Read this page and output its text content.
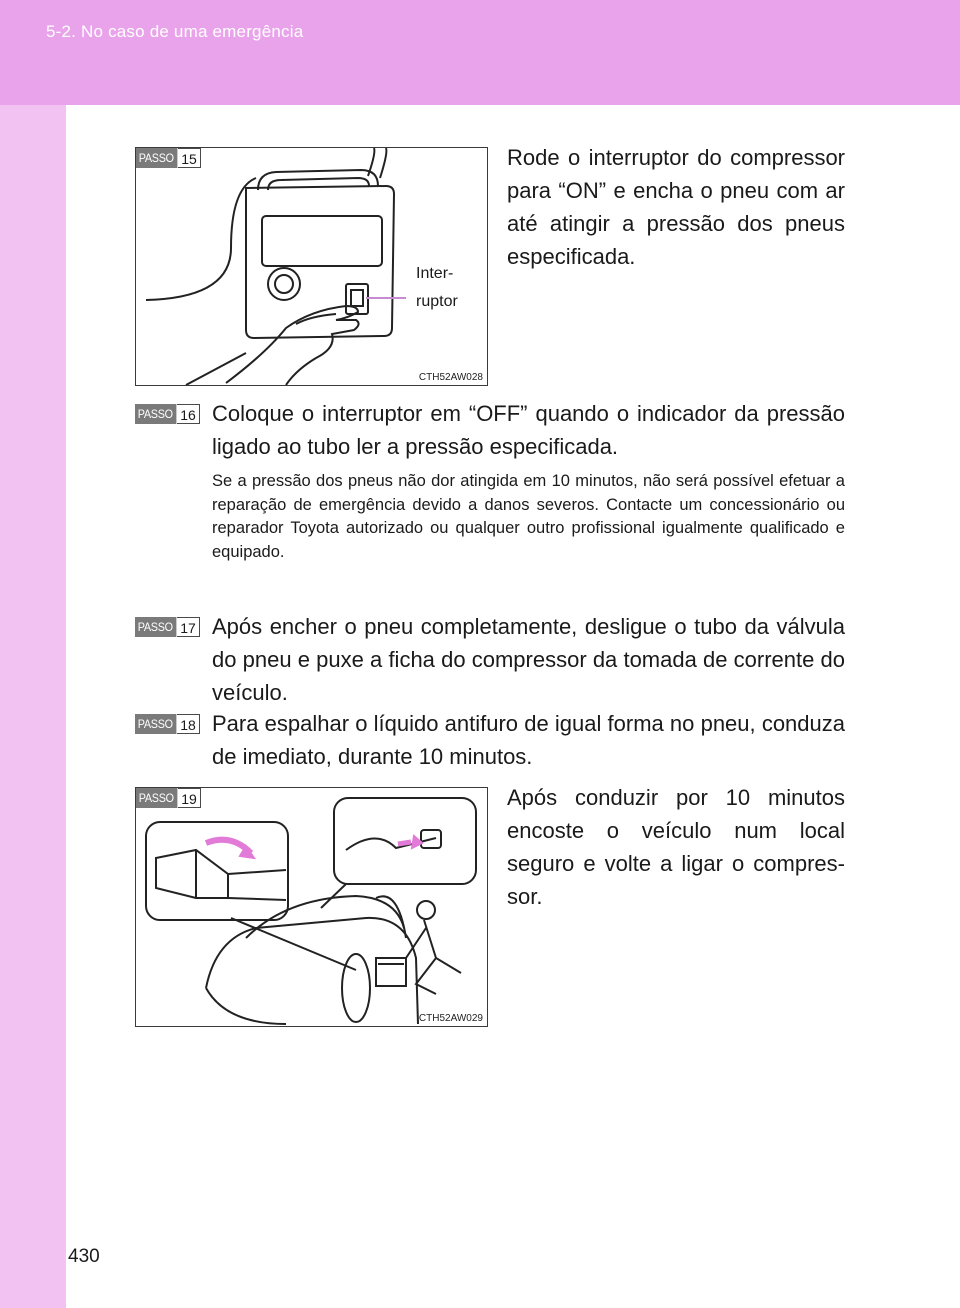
5-2. No caso de uma emergência
PASSO 15
Inter-
ruptor
CTH52AW028
Rode o interruptor do compressor para “ON” e encha o pneu com ar até atingir a pressão dos pneus especificada.
PASSO 16 Coloque o interruptor em “OFF” quando o indicador da pressão ligado ao tubo ler a pressão especificada.
Se a pressão dos pneus não dor atingida em 10 minutos, não será possível efetuar a reparação de emergência devido a danos severos. Contacte um concessionário ou reparador Toyota autorizado ou qualquer outro profissional igualmente qualificado e equipado.
PASSO 17 Após encher o pneu completamente, desligue o tubo da válvula do pneu e puxe a ficha do compressor da tomada de corrente do veículo.
PASSO 18 Para espalhar o líquido antifuro de igual forma no pneu, conduza de imediato, durante 10 minutos.
PASSO 19
CTH52AW029
Após conduzir por 10 minutos encoste o veículo num local seguro e volte a ligar o compressor.
430
